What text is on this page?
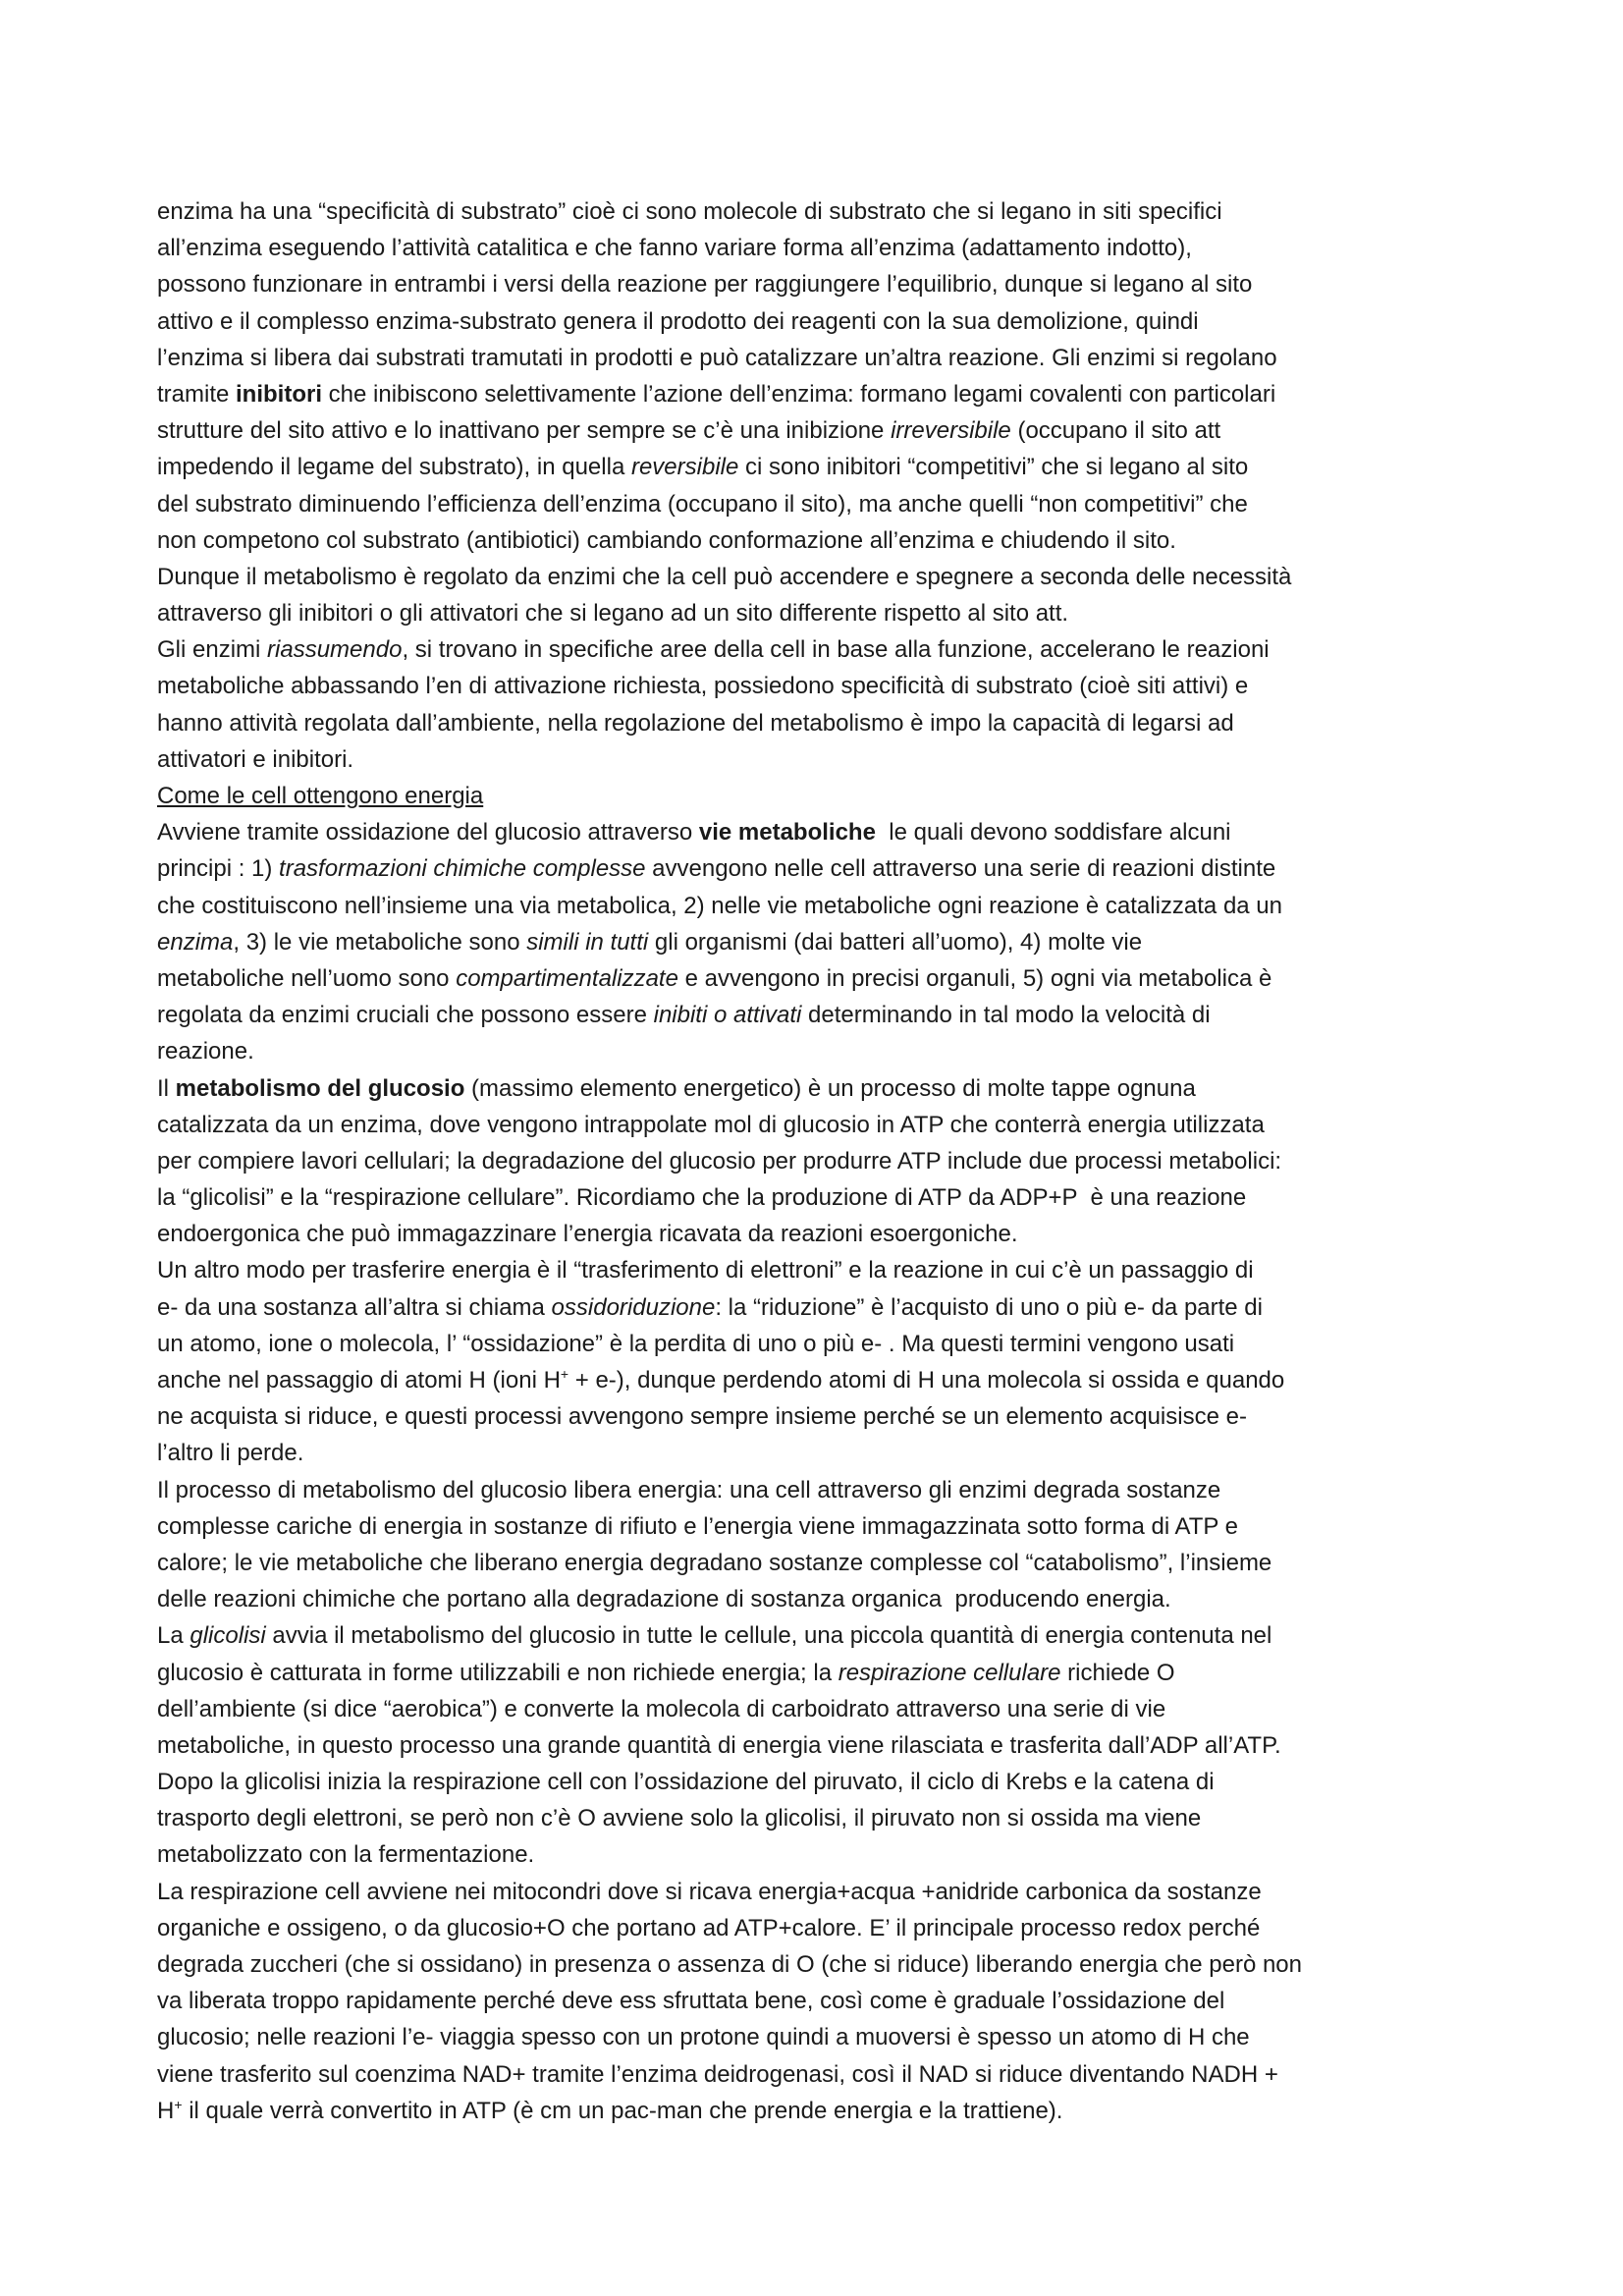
enzima ha una “specificità di substrato” cioè ci sono molecole di substrato che si legano in siti specifici
all’enzima eseguendo l’attività catalitica e che fanno variare forma all’enzima (adattamento indotto),
possono funzionare in entrambi i versi della reazione per raggiungere l’equilibrio, dunque si legano al sito
attivo e il complesso enzima-substrato genera il prodotto dei reagenti con la sua demolizione, quindi
l’enzima si libera dai substrati tramutati in prodotti e può catalizzare un’altra reazione. Gli enzimi si regolano
tramite inibitori che inibiscono selettivamente l’azione dell’enzima: formano legami covalenti con particolari
strutture del sito attivo e lo inattivano per sempre se c’è una inibizione irreversibile (occupano il sito att
impedendo il legame del substrato), in quella reversibile ci sono inibitori “competitivi” che si legano al sito
del substrato diminuendo l’efficienza dell’enzima (occupano il sito), ma anche quelli “non competitivi” che
non competono col substrato (antibiotici) cambiando conformazione all’enzima e chiudendo il sito.
Dunque il metabolismo è regolato da enzimi che la cell può accendere e spegnere a seconda delle necessità
attraverso gli inibitori o gli attivatori che si legano ad un sito differente rispetto al sito att.
Gli enzimi riassumendo, si trovano in specifiche aree della cell in base alla funzione, accelerano le reazioni
metaboliche abbassando l’en di attivazione richiesta, possiedono specificità di substrato (cioè siti attivi) e
hanno attività regolata dall’ambiente, nella regolazione del metabolismo è impo la capacità di legarsi ad
attivatori e inibitori.
Come le cell ottengono energia
Avviene tramite ossidazione del glucosio attraverso vie metaboliche  le quali devono soddisfare alcuni
principi : 1) trasformazioni chimiche complesse avvengono nelle cell attraverso una serie di reazioni distinte
che costituiscono nell’insieme una via metabolica, 2) nelle vie metaboliche ogni reazione è catalizzata da un
enzima, 3) le vie metaboliche sono simili in tutti gli organismi (dai batteri all’uomo), 4) molte vie
metaboliche nell’uomo sono compartimentalizzate e avvengono in precisi organuli, 5) ogni via metabolica è
regolata da enzimi cruciali che possono essere inibiti o attivati determinando in tal modo la velocità di
reazione.
Il metabolismo del glucosio (massimo elemento energetico) è un processo di molte tappe ognuna
catalizzata da un enzima, dove vengono intrappolate mol di glucosio in ATP che conterrà energia utilizzata
per compiere lavori cellulari; la degradazione del glucosio per produrre ATP include due processi metabolici:
la “glicolisi” e la “respirazione cellulare”. Ricordiamo che la produzione di ATP da ADP+P  è una reazione
endoergonica che può immagazzinare l’energia ricavata da reazioni esoergoniche.
Un altro modo per trasferire energia è il “trasferimento di elettroni” e la reazione in cui c’è un passaggio di
e- da una sostanza all’altra si chiama ossidoriduzione: la “riduzione” è l’acquisto di uno o più e- da parte di
un atomo, ione o molecola, l’ “ossidazione” è la perdita di uno o più e- . Ma questi termini vengono usati
anche nel passaggio di atomi H (ioni H+ + e-), dunque perdendo atomi di H una molecola si ossida e quando
ne acquista si riduce, e questi processi avvengono sempre insieme perché se un elemento acquisisce e-
l’altro li perde.
Il processo di metabolismo del glucosio libera energia: una cell attraverso gli enzimi degrada sostanze
complesse cariche di energia in sostanze di rifiuto e l’energia viene immagazzinata sotto forma di ATP e
calore; le vie metaboliche che liberano energia degradano sostanze complesse col “catabolismo”, l’insieme
delle reazioni chimiche che portano alla degradazione di sostanza organica  producendo energia.
La glicolisi avvia il metabolismo del glucosio in tutte le cellule, una piccola quantità di energia contenuta nel
glucosio è catturata in forme utilizzabili e non richiede energia; la respirazione cellulare richiede O
dell’ambiente (si dice “aerobica”) e converte la molecola di carboidrato attraverso una serie di vie
metaboliche, in questo processo una grande quantità di energia viene rilasciata e trasferita dall’ADP all’ATP.
Dopo la glicolisi inizia la respirazione cell con l’ossidazione del piruvato, il ciclo di Krebs e la catena di
trasporto degli elettroni, se però non c’è O avviene solo la glicolisi, il piruvato non si ossida ma viene
metabolizzato con la fermentazione.
La respirazione cell avviene nei mitocondri dove si ricava energia+acqua +anidride carbonica da sostanze
organiche e ossigeno, o da glucosio+O che portano ad ATP+calore. E’ il principale processo redox perché
degrada zuccheri (che si ossidano) in presenza o assenza di O (che si riduce) liberando energia che però non
va liberata troppo rapidamente perché deve ess sfruttata bene, così come è graduale l’ossidazione del
glucosio; nelle reazioni l’e- viaggia spesso con un protone quindi a muoversi è spesso un atomo di H che
viene trasferito sul coenzima NAD+ tramite l’enzima deidrogenasi, così il NAD si riduce diventando NADH +
H+ il quale verrà convertito in ATP (è cm un pac-man che prende energia e la trattiene).
